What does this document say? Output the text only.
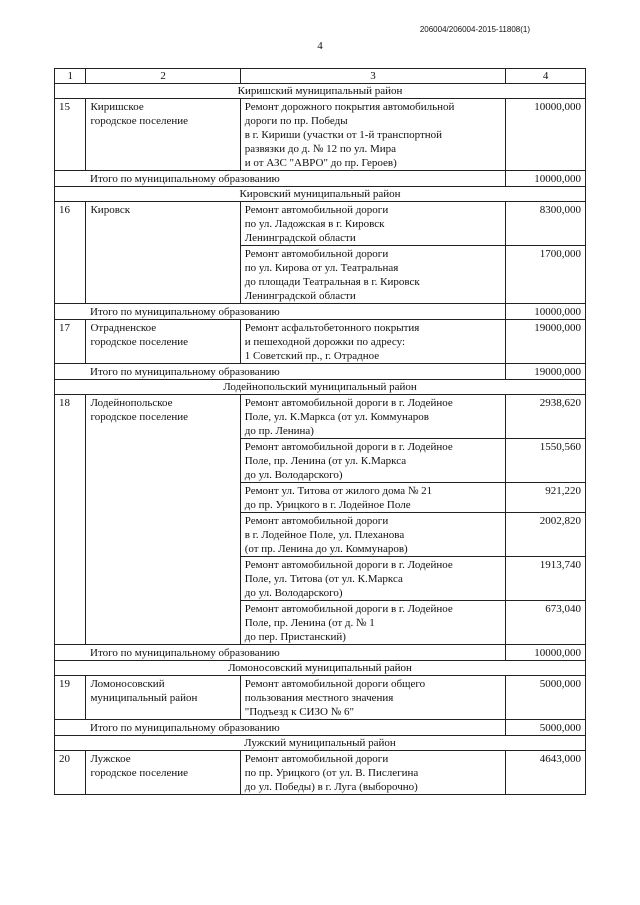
206004/206004-2015-11808(1)
4
1	2	3	4
Киришский муниципальный район			
15	Киришское
городское поселение	Ремонт дорожного покрытия автомобильной
дороги по пр. Победы
в г. Кириши (участки от 1-й транспортной
развязки до д. № 12 по ул. Мира
и от АЗС "АВРО" до пр. Героев)	10000,000
Итого по муниципальному образованию			10000,000
Кировский муниципальный район			
16	Кировск	Ремонт автомобильной дороги
по ул. Ладожская в г. Кировск
Ленинградской области	8300,000

		Ремонт автомобильной дороги
по ул. Кирова от ул. Театральная
до площади Театральная в г. Кировск
Ленинградской области	1700,000
Итого по муниципальному образованию			10000,000
17	Отрадненское
городское поселение	Ремонт асфальтобетонного покрытия
и пешеходной дорожки по адресу:
1 Советский пр., г. Отрадное	19000,000
Итого по муниципальному образованию			19000,000
Лодейнопольский муниципальный район			
18	Лодейнопольское
городское поселение	Ремонт автомобильной дороги в г. Лодейное
Поле, ул. К.Маркса (от ул. Коммунаров
до пр. Ленина)	2938,620

		Ремонт автомобильной дороги в г. Лодейное
Поле, пр. Ленина (от ул. К.Маркса
до ул. Володарского)	1550,560

		Ремонт ул. Титова от жилого дома № 21
до пр. Урицкого в г. Лодейное Поле	921,220

		Ремонт автомобильной дороги
в г. Лодейное Поле, ул. Плеханова
(от пр. Ленина до ул. Коммунаров)	2002,820

		Ремонт автомобильной дороги в г. Лодейное
Поле, ул. Титова (от ул. К.Маркса
до ул. Володарского)	1913,740

		Ремонт автомобильной дороги в г. Лодейное
Поле, пр. Ленина (от д. № 1
до пер. Пристанский)	673,040
Итого по муниципальному образованию			10000,000
Ломоносовский муниципальный район			
19	Ломоносовский
муниципальный район	Ремонт автомобильной дороги общего
пользования местного значения
"Подъезд к СИЗО № 6"	5000,000
Итого по муниципальному образованию			5000,000
Лужский муниципальный район			
20	Лужское
городское поселение	Ремонт автомобильной дороги
по пр. Урицкого (от ул. В. Пислегина
до ул. Победы) в г. Луга (выборочно)	4643,000
